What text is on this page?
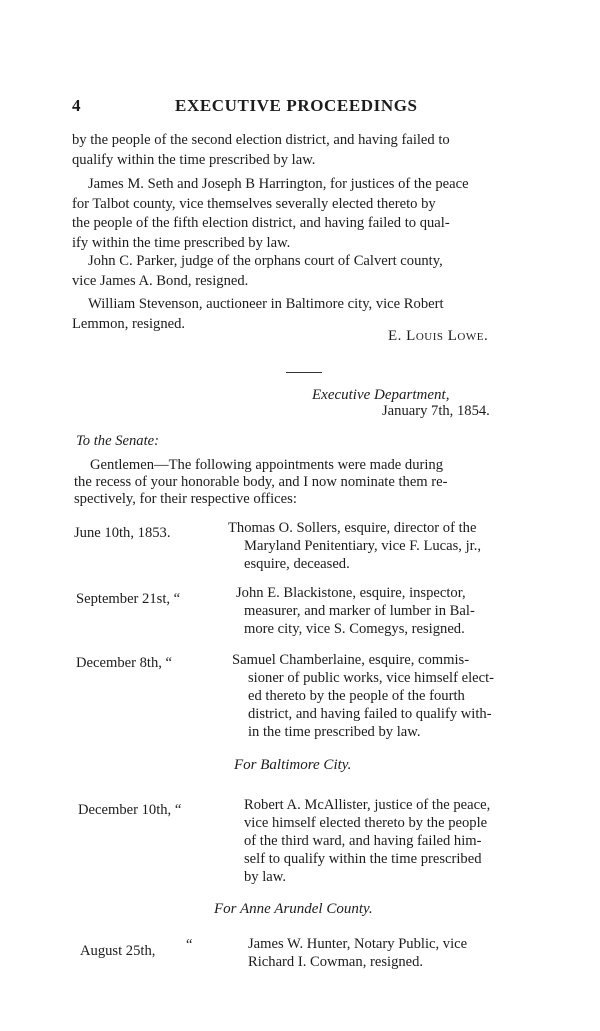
4	EXECUTIVE PROCEEDINGS
by the people of the second election district, and having failed to
qualify within the time prescribed by law.
James M. Seth and Joseph B Harrington, for justices of the peace
for Talbot county, vice themselves severally elected thereto by
the people of the fifth election district, and having failed to qual-
ify within the time prescribed by law.
John C. Parker, judge of the orphans court of Calvert county,
vice James A. Bond, resigned.
William Stevenson, auctioneer in Baltimore city, vice Robert
Lemmon, resigned.
E. Louis Lowe.
Executive Department,
January 7th, 1854.
To the Senate:
Gentlemen—The following appointments were made during
the recess of your honorable body, and I now nominate them re-
spectively, for their respective offices:
June 10th, 1853.	Thomas O. Sollers, esquire, director of the
Maryland Penitentiary, vice F. Lucas, jr.,
esquire, deceased.
September 21st, “	John E. Blackistone, esquire, inspector,
measurer, and marker of lumber in Bal-
more city, vice S. Comegys, resigned.
December 8th, “	Samuel Chamberlaine, esquire, commis-
sioner of public works, vice himself elect-
ed thereto by the people of the fourth
district, and having failed to qualify with-
in the time prescribed by law.
For Baltimore City.
December 10th, “	Robert A. McAllister, justice of the peace,
vice himself elected thereto by the people
of the third ward, and having failed him-
self to qualify within the time prescribed
by law.
For Anne Arundel County.
August 25th, “	James W. Hunter, Notary Public, vice
Richard I. Cowman, resigned.
